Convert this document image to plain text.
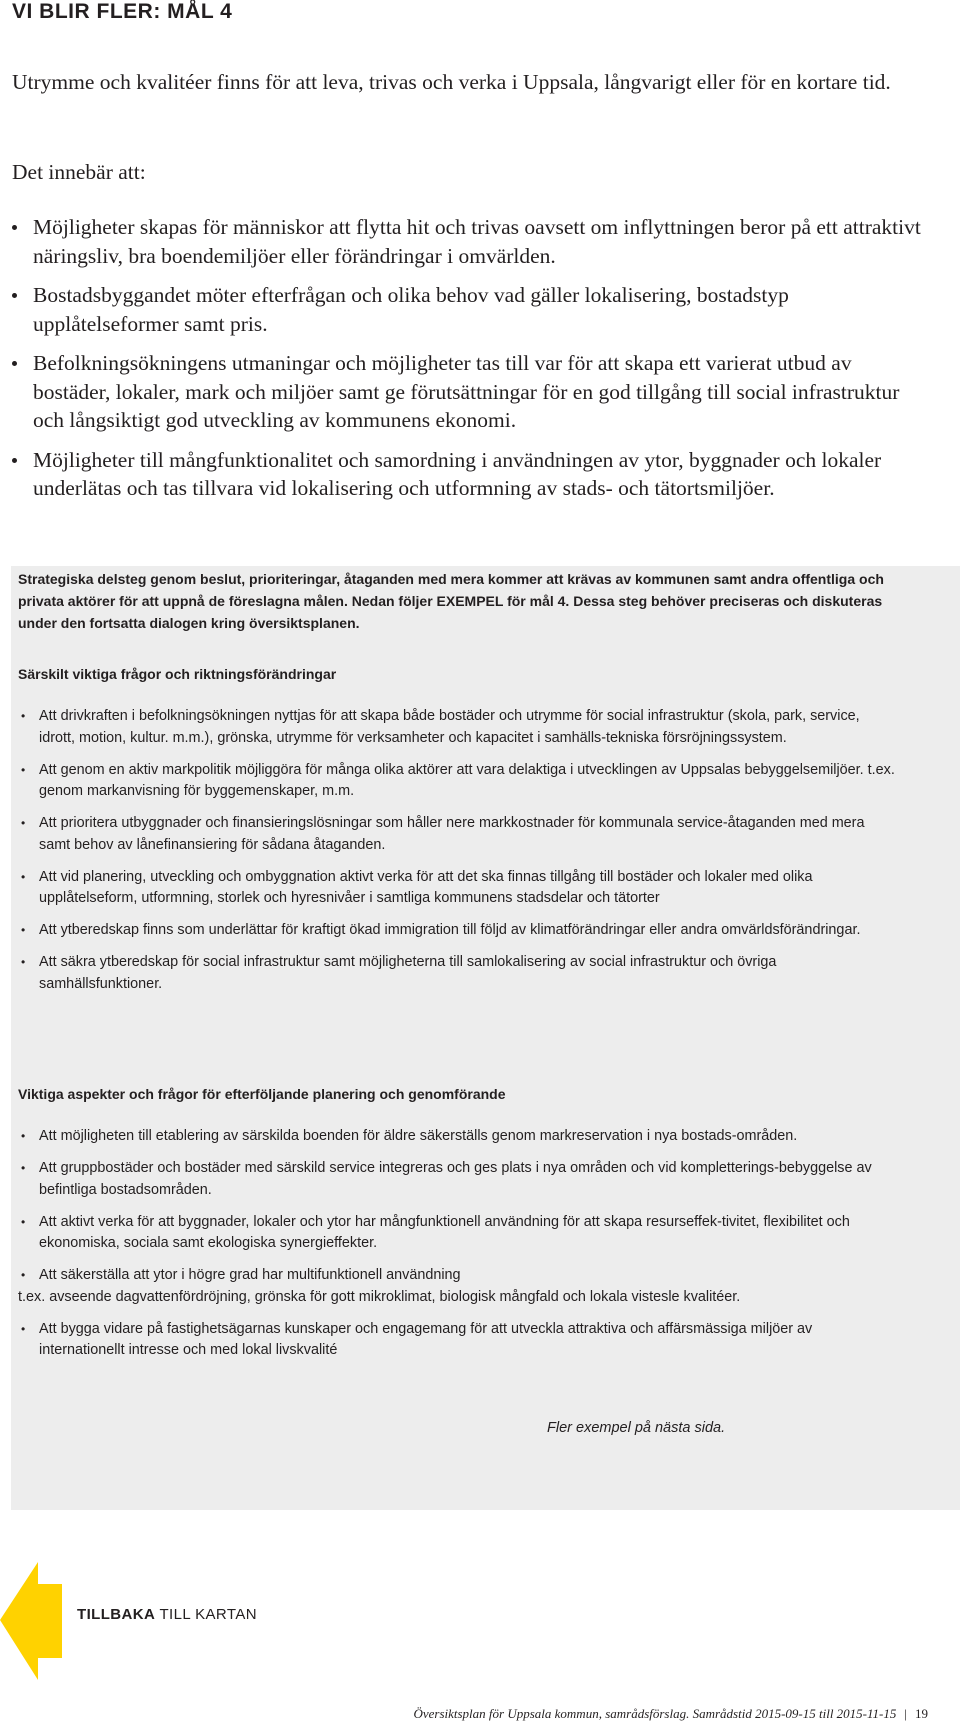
VI BLIR FLER: MÅL 4

Utrymme och kvalitéer finns för att leva, trivas och verka i Uppsala, långvarigt eller för en kortare tid.

Det innebär att:

Möjligheter skapas för människor att flytta hit och trivas oavsett om inflyttningen beror på ett attraktivt näringsliv, bra boendemiljöer eller förändringar i omvärlden.
Bostadsbyggandet möter efterfrågan och olika behov vad gäller lokalisering, bostadstyp upplåtelseformer samt pris.
Befolkningsökningens utmaningar och möjligheter tas till var för att skapa ett varierat utbud av bostäder, lokaler, mark och miljöer samt ge förutsättningar för en god tillgång till social infrastruktur och långsiktigt god utveckling av kommunens ekonomi.
Möjligheter till mångfunktionalitet och samordning i användningen av ytor, byggnader och lokaler underlätas och tas tillvara vid lokalisering och utformning av stads- och tätortsmiljöer.

Strategiska delsteg genom beslut, prioriteringar, åtaganden med mera kommer att krävas av kommunen samt andra offentliga och privata aktörer för att uppnå de föreslagna målen. Nedan följer EXEMPEL för mål 4. Dessa steg behöver preciseras och diskuteras under den fortsatta dialogen kring översiktsplanen.

Särskilt viktiga frågor och riktningsförändringar
• Att drivkraften i befolkningsökningen nyttjas för att skapa både bostäder och utrymme för social infrastruktur (skola, park, service, idrott, motion, kultur. m.m.), grönska, utrymme för verksamheter och kapacitet i samhälls-tekniska försröjningssystem.
• Att genom en aktiv markpolitik möjliggöra för många olika aktörer att vara delaktiga i utvecklingen av Uppsalas bebyggelsemiljöer. t.ex. genom markanvisning för byggemenskaper, m.m.
• Att prioritera utbyggnader och finansieringslösningar som håller nere markkostnader för kommunala service-åtaganden med mera samt behov av lånefinansiering för sådana åtaganden.
• Att vid planering, utveckling och ombyggnation aktivt verka för att det ska finnas tillgång till bostäder och lokaler med olika upplåtelseform, utformning, storlek och hyresnivåer i samtliga kommunens stadsdelar och tätorter
• Att ytberedskap finns som underlättar för kraftigt ökad immigration till följd av klimatförändringar eller andra omvärldsförändringar.
• Att säkra ytberedskap för social infrastruktur samt möjligheterna till samlokalisering av social infrastruktur och övriga samhällsfunktioner.
Viktiga aspekter och frågor för efterföljande planering och genomförande
• Att möjligheten till etablering av särskilda boenden för äldre säkerställs genom markreservation i nya bostads-områden.
• Att gruppbostäder och bostäder med särskild service integreras och ges plats i nya områden och vid kompletterings-bebyggelse av befintliga bostadsområden.
• Att aktivt verka för att byggnader, lokaler och ytor har mångfunktionell användning för att skapa resurseffek-tivitet, flexibilitet och ekonomiska, sociala samt ekologiska synergieffekter.
• Att säkerställa att ytor i högre grad har multifunktionell användning
t.ex. avseende dagvattenfördröjning, grönska för gott mikroklimat, biologisk mångfald och lokala vistesle kvalitéer.
• Att bygga vidare på fastighetsägarnas kunskaper och engagemang för att utveckla attraktiva och affärsmässiga miljöer av internationellt intresse och med lokal livskvalité

Fler exempel på nästa sida.

TILLBAKA TILL KARTAN
Översiktsplan för Uppsala kommun, samrådsförslag. Samrådstid 2015-09-15 till 2015-11-15 | 19
